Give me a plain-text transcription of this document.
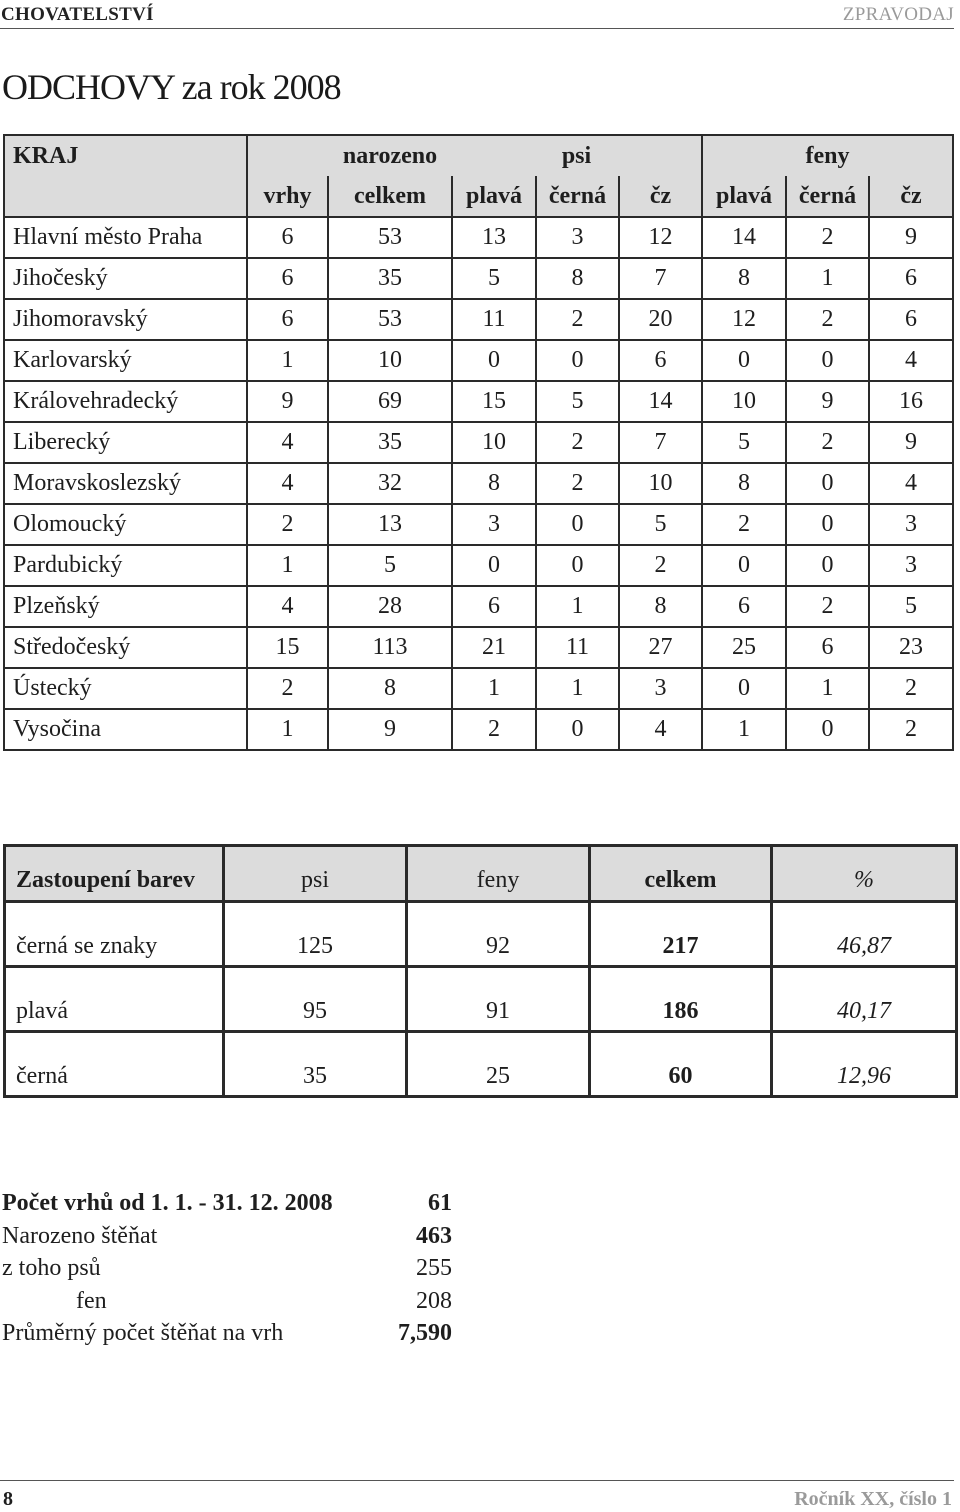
CHOVATELSTVÍ	ZPRAVODAJ
ODCHOVY za rok 2008
KRAJ		narozeno	psi			feny		
	vrhy	celkem	plavá	černá	čz	plavá	černá	čz
Hlavní město Praha	6	53	13	3	12	14	2	9
Jihočeský	6	35	5	8	7	8	1	6
Jihomoravský	6	53	11	2	20	12	2	6
Karlovarský	1	10	0	0	6	0	0	4
Královehradecký	9	69	15	5	14	10	9	16
Liberecký	4	35	10	2	7	5	2	9
Moravskoslezský	4	32	8	2	10	8	0	4
Olomoucký	2	13	3	0	5	2	0	3
Pardubický	1	5	0	0	2	0	0	3
Plzeňský	4	28	6	1	8	6	2	5
Středočeský	15	113	21	11	27	25	6	23
Ústecký	2	8	1	1	3	0	1	2
Vysočina	1	9	2	0	4	1	0	2
Zastoupení barev	psi	feny	celkem	%
černá se znaky	125	92	217	46,87
plavá	95	91	186	40,17
černá	35	25	60	12,96
Počet vrhů od 1. 1. - 31. 12. 2008	61
Narozeno štěňat	463
z toho psů	255
fen	208
Průměrný počet štěňat na vrh	7,590
8	Ročník XX, číslo 1
